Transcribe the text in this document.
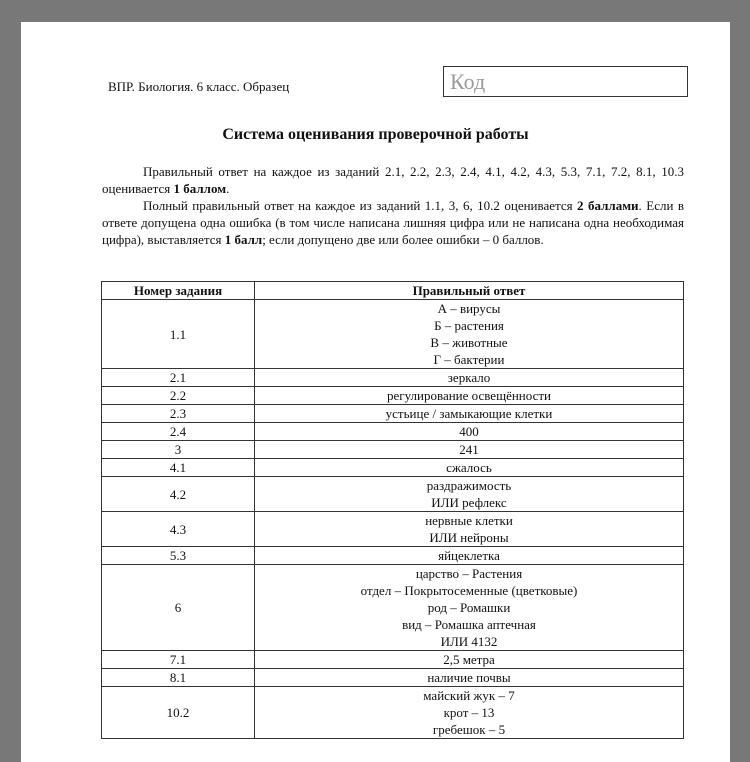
ВПР. Биология. 6 класс. Образец	Код
Система оценивания проверочной работы
Правильный ответ на каждое из заданий 2.1, 2.2, 2.3, 2.4, 4.1, 4.2, 4.3, 5.3, 7.1, 7.2, 8.1, 10.3 оценивается 1 баллом.
Полный правильный ответ на каждое из заданий 1.1, 3, 6, 10.2 оценивается 2 баллами. Если в ответе допущена одна ошибка (в том числе написана лишняя цифра или не написана одна необходимая цифра), выставляется 1 балл; если допущено две или более ошибки – 0 баллов.
Номер задания	Правильный ответ
1.1	А – вирусы
Б – растения
В – животные
Г – бактерии

2.1	зеркало

2.2	регулирование освещённости

2.3	устьице / замыкающие клетки

2.4	400

3	241

4.1	сжалось

4.2	раздражимость
ИЛИ рефлекс

4.3	нервные клетки
ИЛИ нейроны

5.3	яйцеклетка

6	царство – Растения
отдел – Покрытосеменные (цветковые)
род – Ромашки
вид – Ромашка аптечная
ИЛИ 4132

7.1	2,5 метра

8.1	наличие почвы

10.2	майский жук – 7
крот – 13
гребешок – 5
